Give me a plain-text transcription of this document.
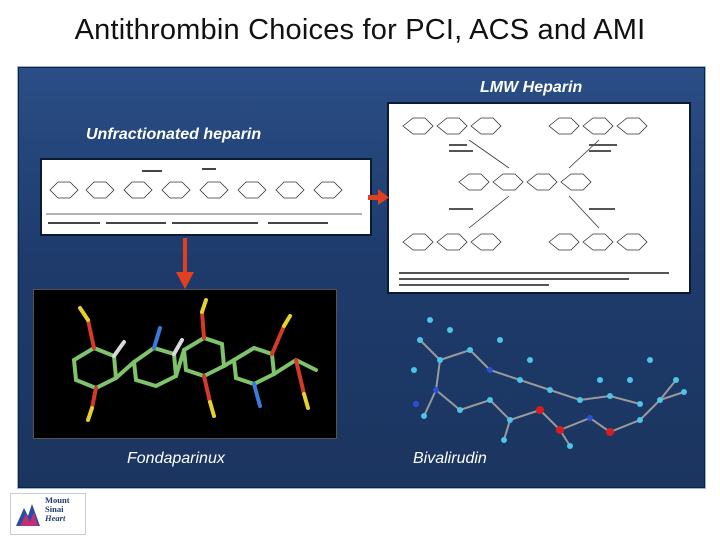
Antithrombin Choices for PCI, ACS and AMI
LMW Heparin
Unfractionated heparin
Fondaparinux	Bivalirudin
Mount
Sinai
Heart
